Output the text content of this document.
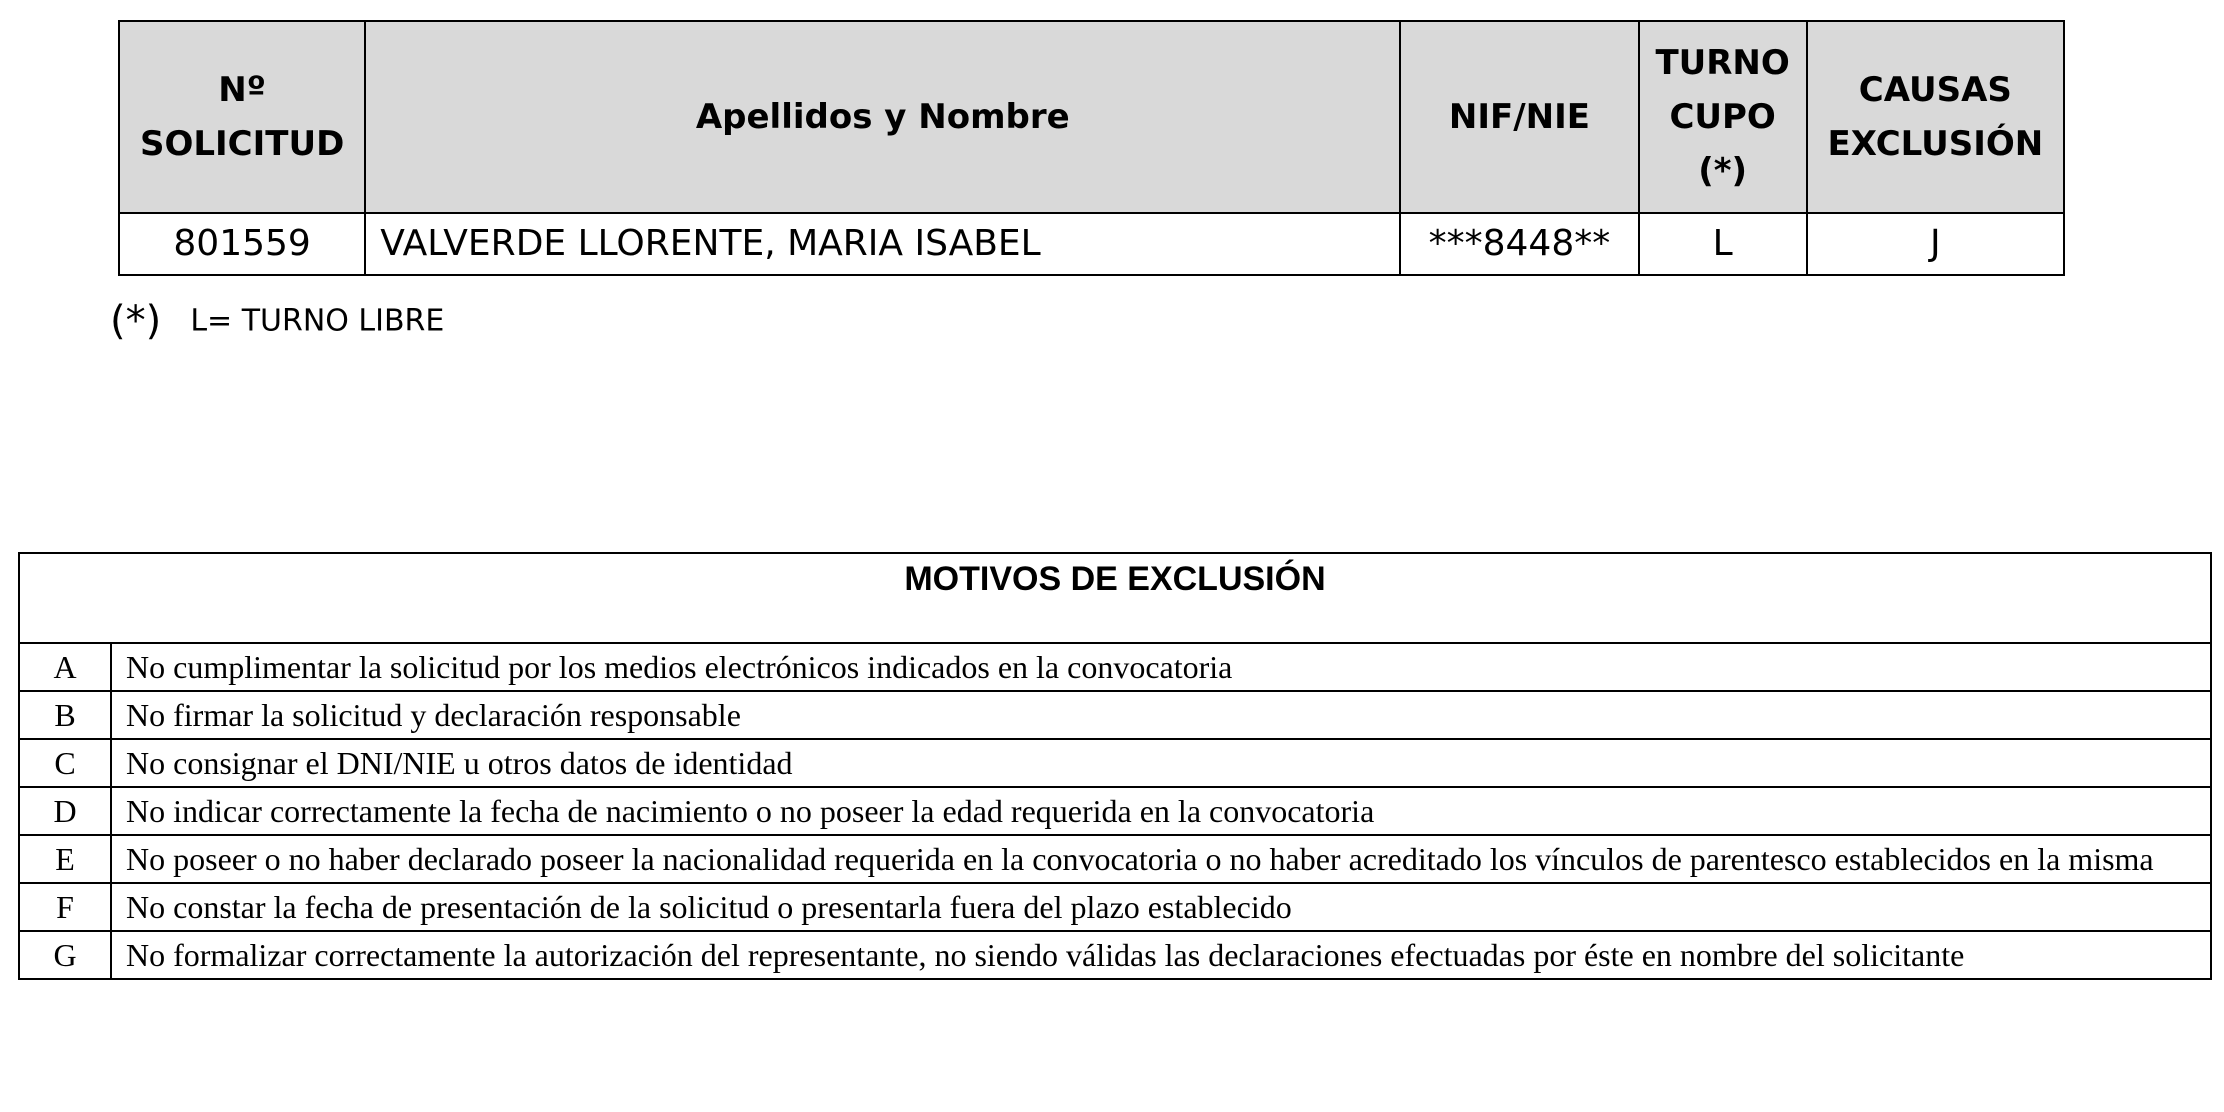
Nº SOLICITUD	Apellidos y Nombre	NIF/NIE	TURNO CUPO (*)	CAUSAS EXCLUSIÓN
801559	VALVERDE LLORENTE, MARIA ISABEL	***8448**	L	J
(*) L= TURNO LIBRE
MOTIVOS DE EXCLUSIÓN	
A	No cumplimentar la solicitud por los medios electrónicos indicados en la convocatoria
B	No firmar la solicitud y declaración responsable
C	No consignar el DNI/NIE u otros datos de identidad
D	No indicar correctamente la fecha de nacimiento o no poseer la edad requerida en la convocatoria
E	No poseer o no haber declarado poseer la nacionalidad requerida en la convocatoria o no haber acreditado los vínculos de parentesco establecidos en la misma
F	No constar la fecha de presentación de la solicitud o presentarla fuera del plazo establecido
G	No formalizar correctamente la autorización del representante, no siendo válidas las declaraciones efectuadas por éste en nombre del solicitante
